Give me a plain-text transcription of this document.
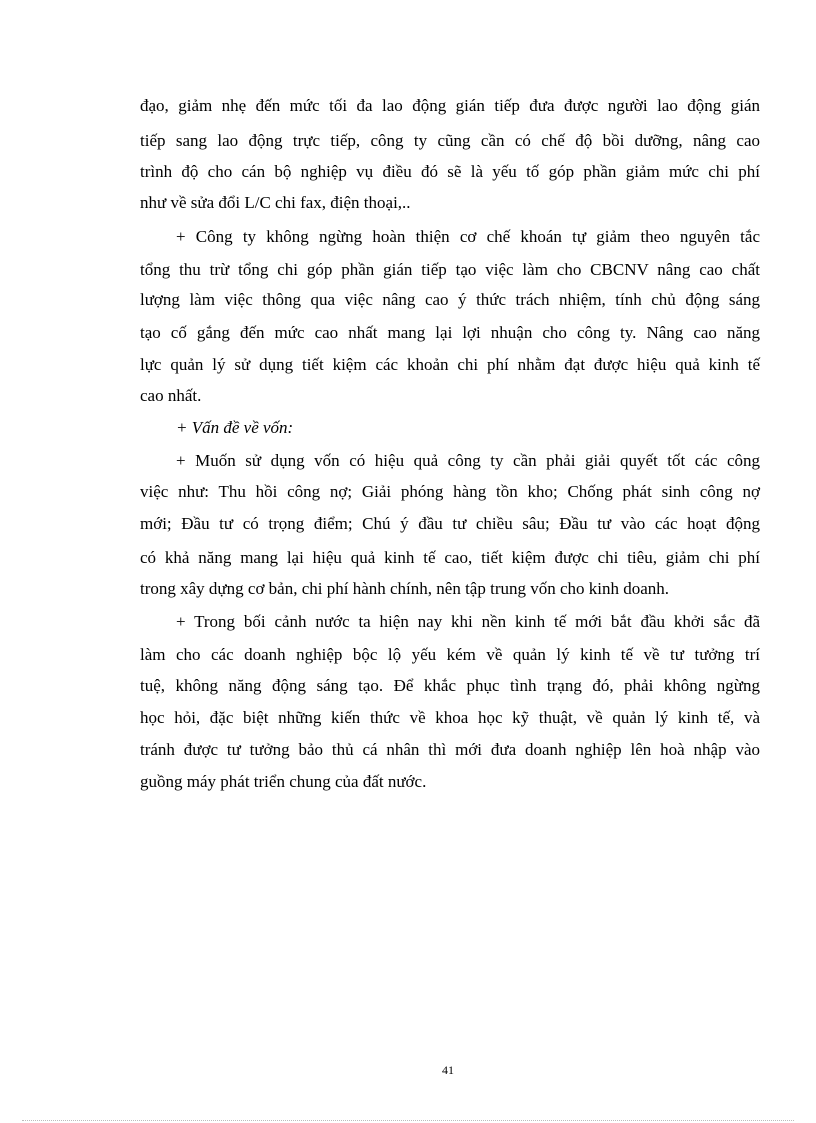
đạo, giảm nhẹ đến mức tối đa lao động gián tiếp đưa được người lao động gián
tiếp sang lao động trực tiếp, công ty cũng cần có chế độ bồi dưỡng, nâng cao
trình độ cho cán bộ nghiệp vụ điều đó sẽ là yếu tố góp phần giảm mức chi phí
như về sửa đổi L/C chi fax, điện thoại,..
+ Công ty không ngừng hoàn thiện cơ chế khoán tự giảm theo nguyên tắc
tổng thu trừ tổng chi góp phần gián tiếp tạo việc làm cho CBCNV nâng cao chất
lượng làm việc thông qua việc nâng cao ý thức trách nhiệm, tính chủ động sáng
tạo cố gắng đến mức cao nhất mang lại lợi nhuận cho công ty. Nâng cao năng
lực quản lý sử dụng tiết kiệm các khoản chi phí nhằm đạt được hiệu quả kinh tế
cao nhất.
+ Vấn đề về vốn:
+ Muốn sử dụng vốn có hiệu quả công ty cần phải giải quyết tốt các công
việc như: Thu hồi công nợ; Giải phóng hàng tồn kho; Chống phát sinh công nợ
mới; Đầu tư có trọng điểm; Chú ý đầu tư chiều sâu; Đầu tư vào các hoạt động
có khả năng mang lại hiệu quả kinh tế cao, tiết kiệm được chi tiêu, giảm chi phí
trong xây dựng cơ bản, chi phí hành chính, nên tập trung vốn cho kinh doanh.
+ Trong bối cảnh nước ta hiện nay khi nền kinh tế mới bắt đầu khởi sắc đã
làm cho các doanh nghiệp bộc lộ yếu kém về quản lý kinh tế về tư tưởng trí
tuệ, không năng động sáng tạo. Để khắc phục tình trạng đó, phải không ngừng
học hỏi, đặc biệt những kiến thức về khoa học kỹ thuật, về quản lý kinh tế, và
tránh được tư tưởng bảo thủ cá nhân thì mới đưa doanh nghiệp lên hoà nhập vào
guồng máy phát triển chung của đất nước.
41
